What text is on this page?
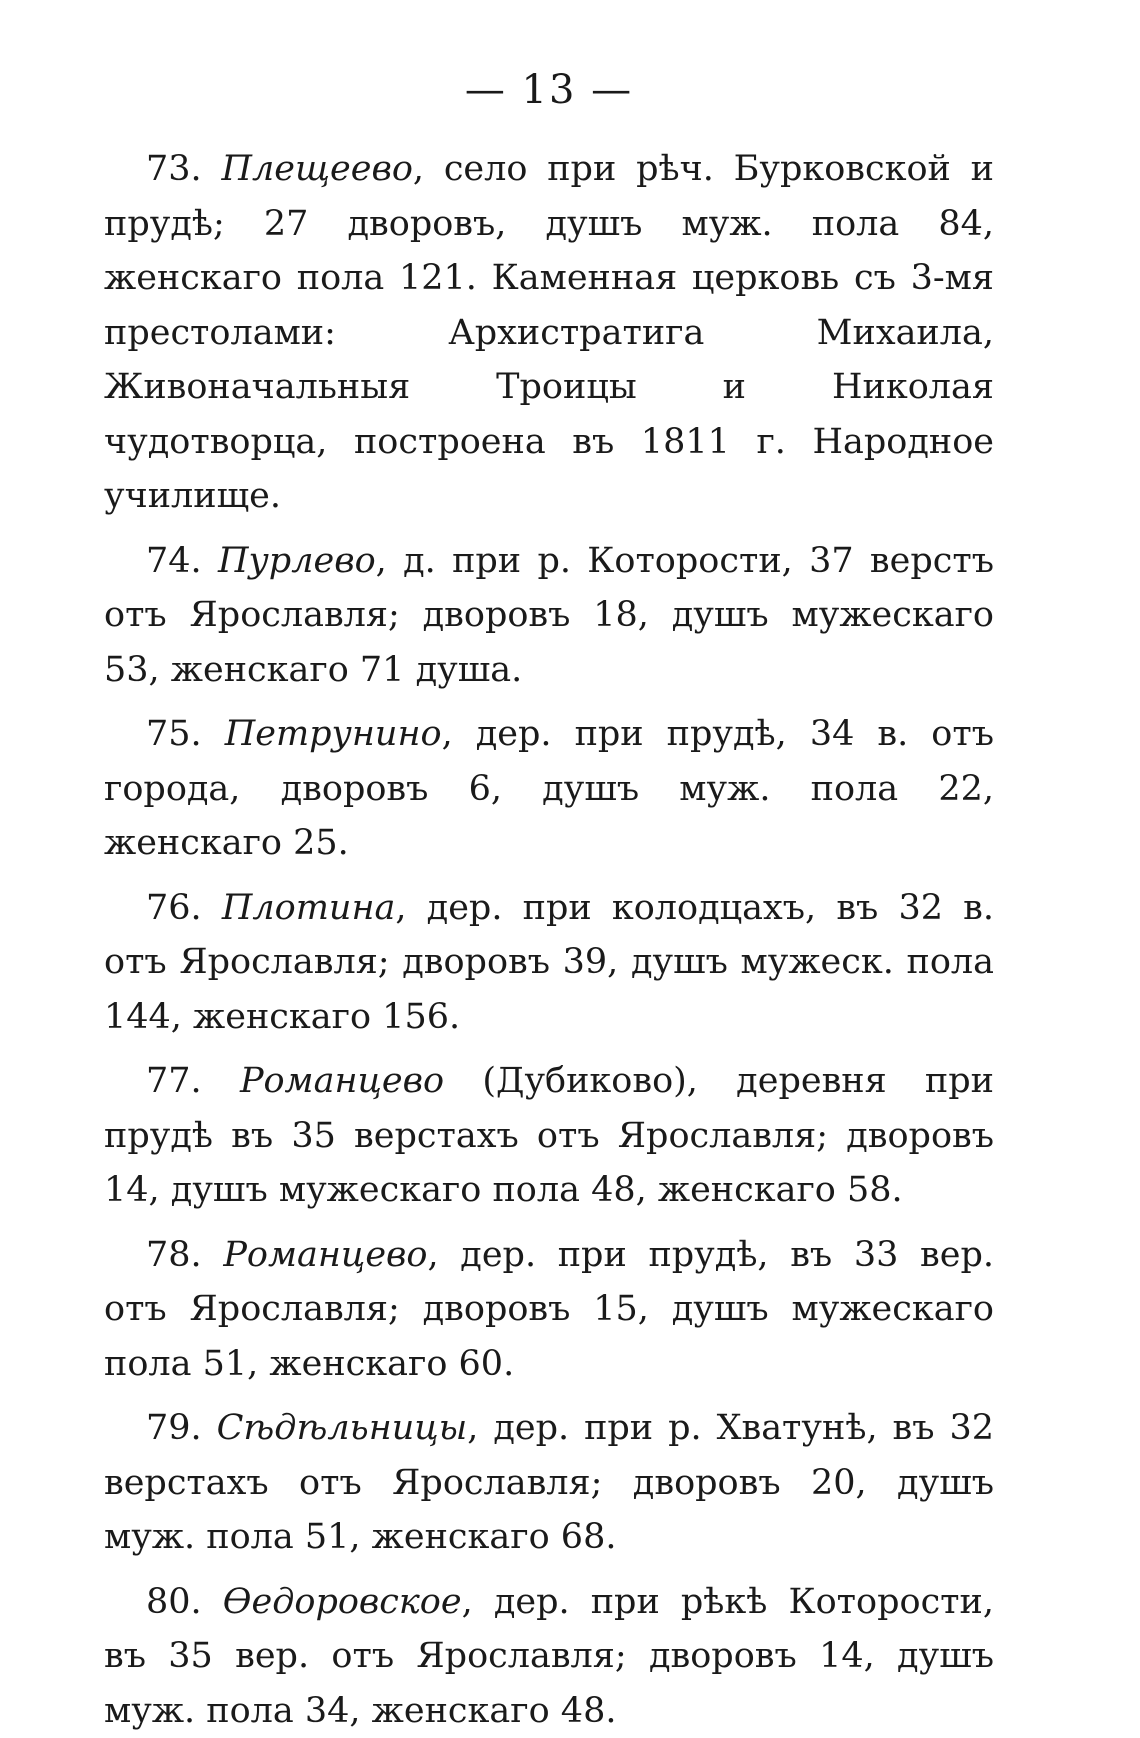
— 13 —

73. Плещеево, село при рѣч. Бурковской и прудѣ; 27 дворовъ, душъ муж. пола 84, женскаго пола 121. Каменная церковь съ 3-мя престолами: Архистратига Михаила, Живоначальныя Троицы и Николая чудотворца, построена въ 1811 г. Народное училище.

74. Пурлево, д. при р. Которости, 37 верстъ отъ Ярославля; дворовъ 18, душъ мужескаго 53, женскаго 71 душа.

75. Петрунино, дер. при прудѣ, 34 в. отъ города, дворовъ 6, душъ муж. пола 22, женскаго 25.

76. Плотина, дер. при колодцахъ, въ 32 в. отъ Ярославля; дворовъ 39, душъ мужеск. пола 144, женскаго 156.

77. Романцево (Дубиково), деревня при прудѣ въ 35 верстахъ отъ Ярославля; дворовъ 14, душъ мужескаго пола 48, женскаго 58.

78. Романцево, дер. при прудѣ, въ 33 вер. отъ Ярославля; дворовъ 15, душъ мужескаго пола 51, женскаго 60.

79. Сѣдѣльницы, дер. при р. Хватунѣ, въ 32 верстахъ отъ Ярославля; дворовъ 20, душъ муж. пола 51, женскаго 68.

80. Ѳедоровское, дер. при рѣкѣ Которости, въ 35 вер. отъ Ярославля; дворовъ 14, душъ муж. пола 34, женскаго 48.
